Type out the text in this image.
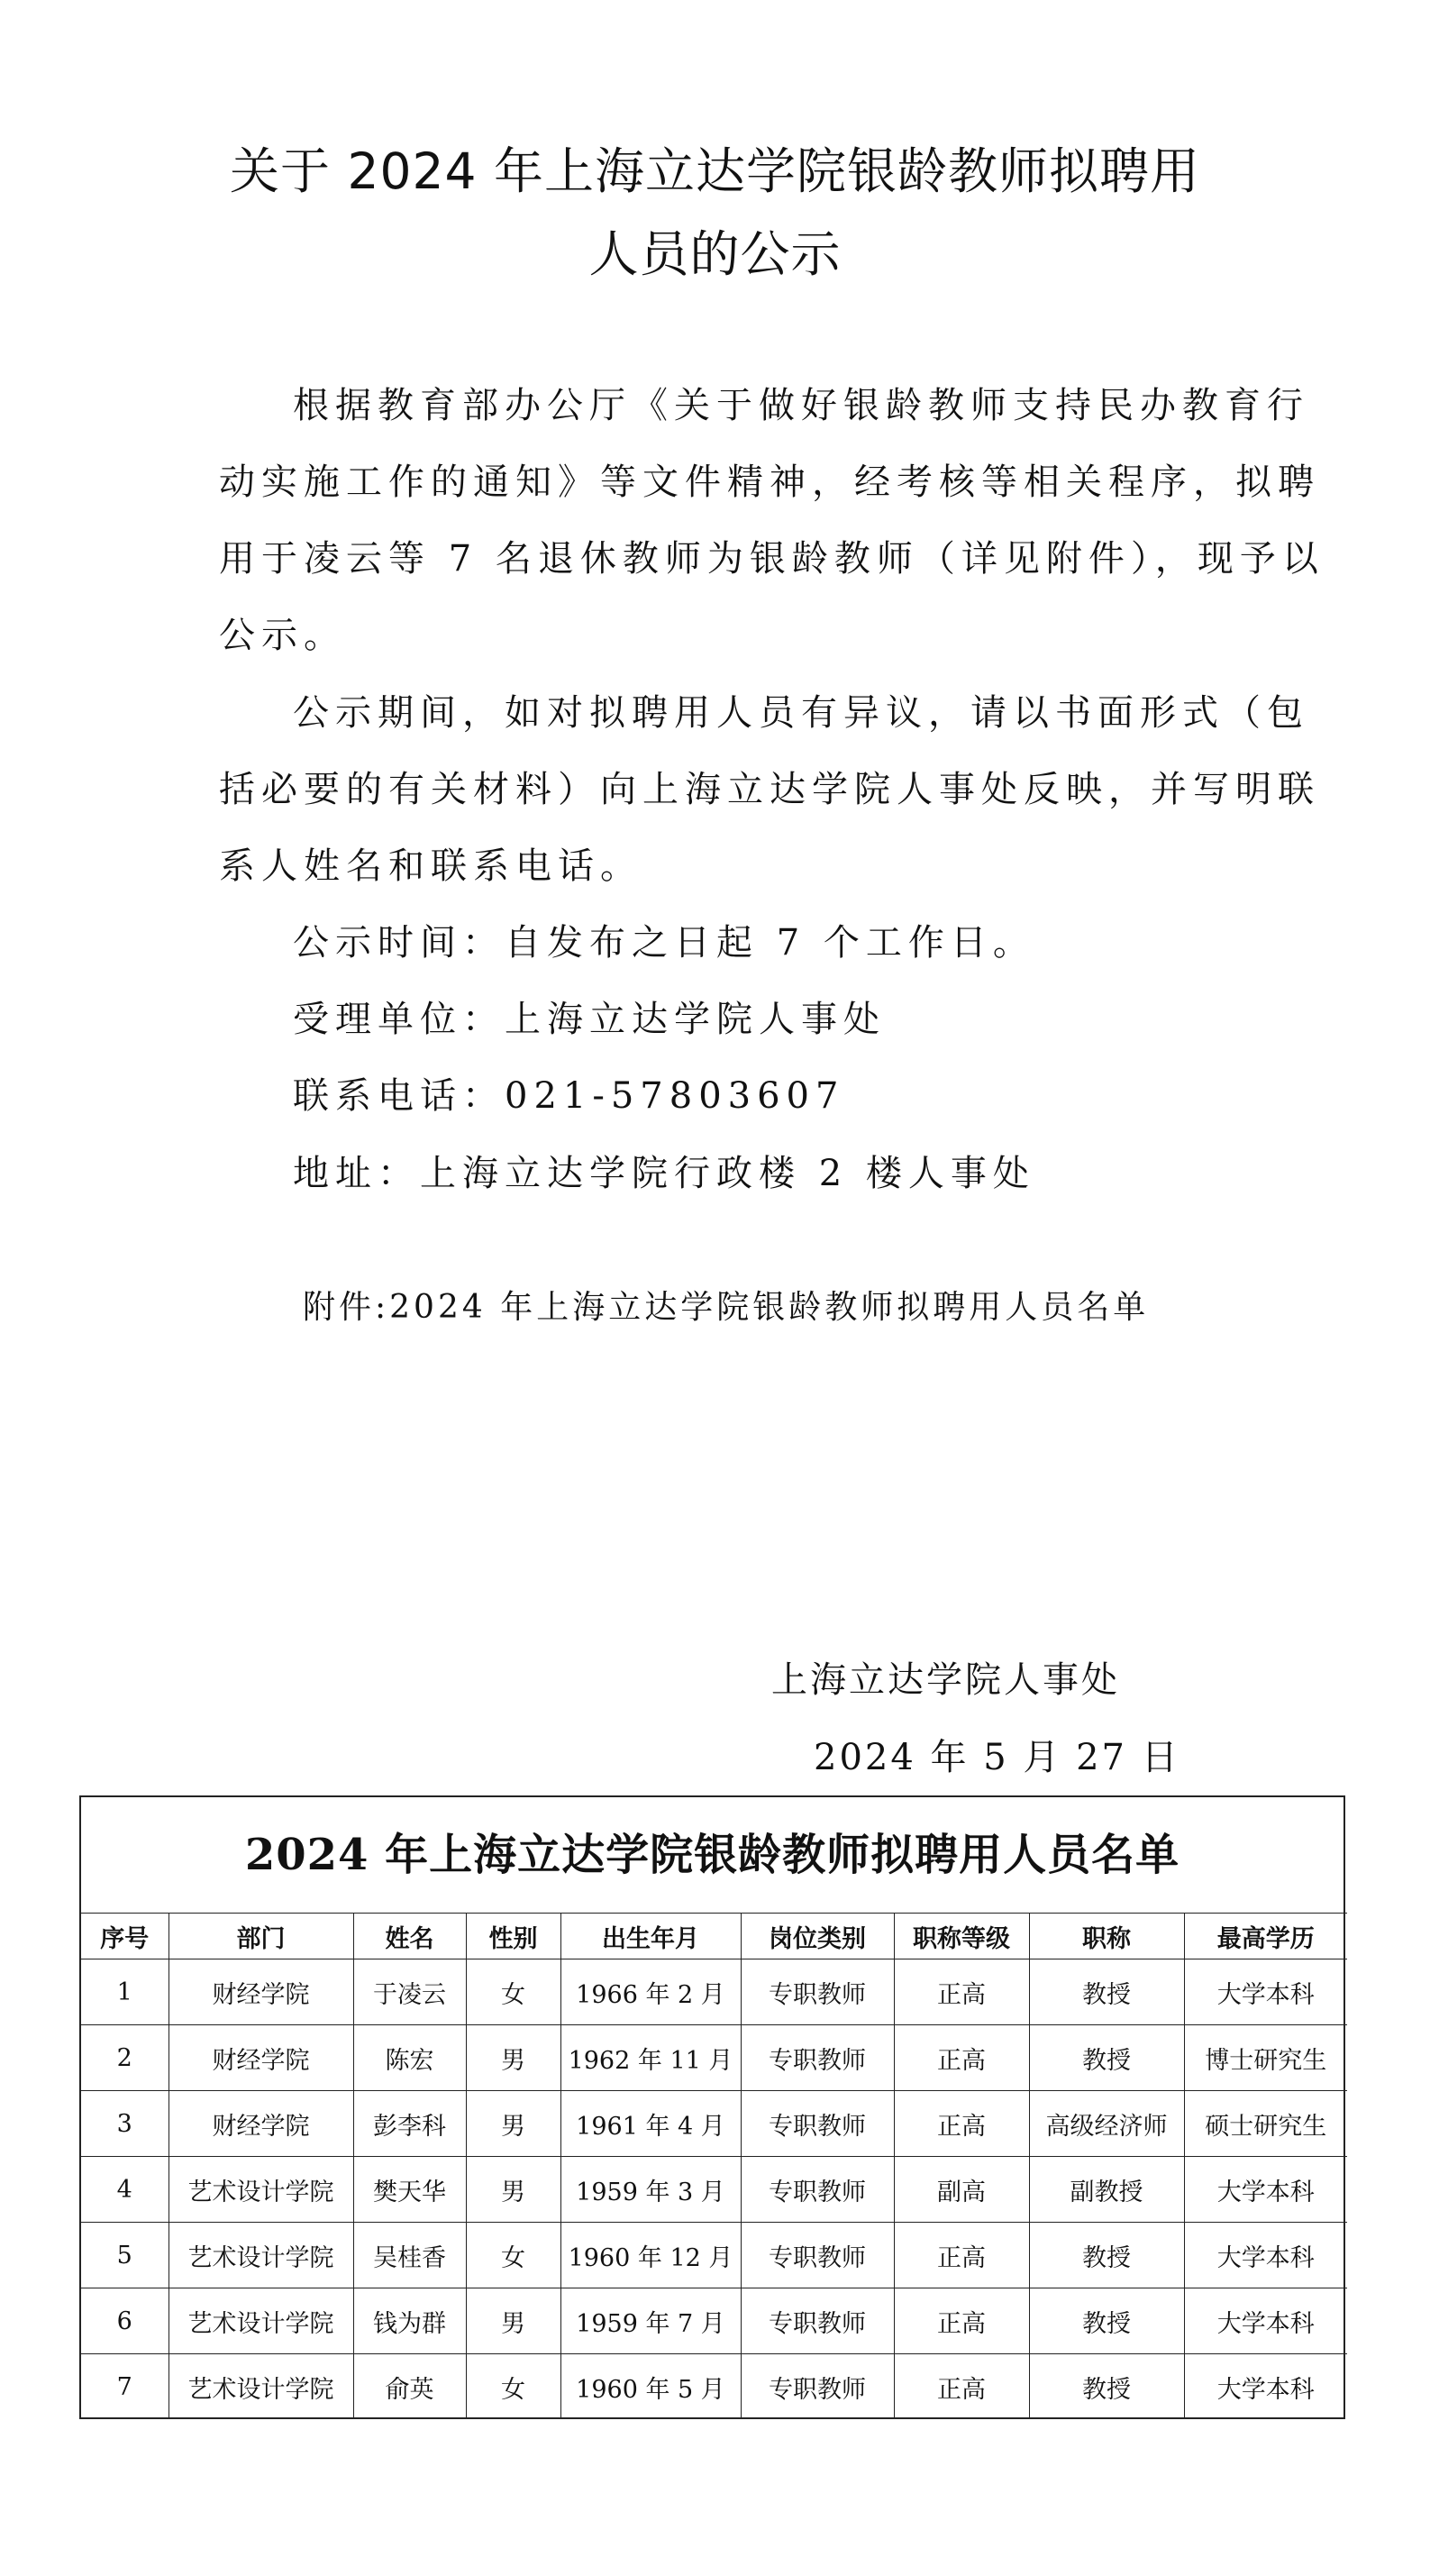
关于 2024 年上海立达学院银龄教师拟聘用
人员的公示

根据教育部办公厅《关于做好银龄教师支持民办教育行

动实施工作的通知》等文件精神，经考核等相关程序，拟聘

用于凌云等 7 名退休教师为银龄教师（详见附件），现予以

公示。

公示期间，如对拟聘用人员有异议，请以书面形式（包

括必要的有关材料）向上海立达学院人事处反映，并写明联

系人姓名和联系电话。

公示时间：自发布之日起 7 个工作日。

受理单位：上海立达学院人事处

联系电话：021-57803607

地址：上海立达学院行政楼 2 楼人事处

附件:2024 年上海立达学院银龄教师拟聘用人员名单
上海立达学院人事处
2024 年 5 月 27 日
2024 年上海立达学院银龄教师拟聘用人员名单
序号	部门	姓名	性别	出生年月	岗位类别	职称等级	职称	最高学历
1	财经学院	于凌云	女	1966 年 2 月	专职教师	正高	教授	大学本科
2	财经学院	陈宏	男	1962 年 11 月	专职教师	正高	教授	博士研究生
3	财经学院	彭李科	男	1961 年 4 月	专职教师	正高	高级经济师	硕士研究生
4	艺术设计学院	樊天华	男	1959 年 3 月	专职教师	副高	副教授	大学本科
5	艺术设计学院	吴桂香	女	1960 年 12 月	专职教师	正高	教授	大学本科
6	艺术设计学院	钱为群	男	1959 年 7 月	专职教师	正高	教授	大学本科
7	艺术设计学院	俞英	女	1960 年 5 月	专职教师	正高	教授	大学本科
